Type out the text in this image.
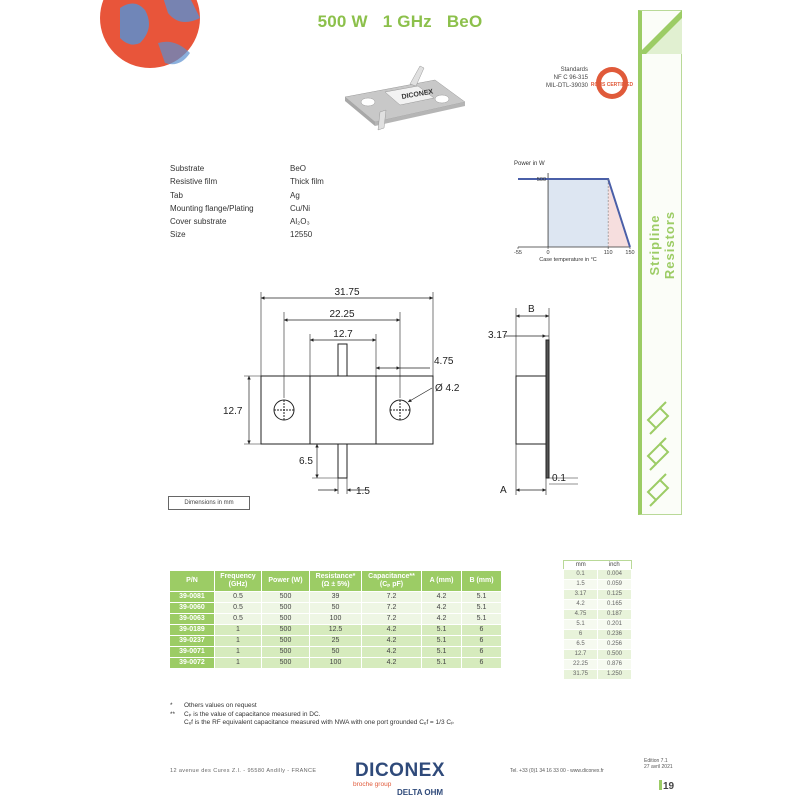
500 W 1 GHz BeO
Stripline Resistors
DICONEX
Standards
NF C 96-315
MIL-DTL-39030 ROHS CERTIFIED
Substrate	BeO
Resistive film	Thick film
Tab	Ag
Mounting flange/Plating	Cu/Ni
Cover substrate	Al₂O₃
Size	12550
Power in W
-55	0	110 150
500
Case temperature in °C
31.75
22.25
12.7
4.75
Ø 4.2
12.7
6.5
1.5
B
3.17
A
0.1
Dimensions in mm
P/N	Frequency (GHz)	Power (W)	Resistance* (Ω ± 5%)	Capacitance** (Cₚ pF)	A (mm)	B (mm)
39-0081	0.5	500	39	7.2	4.2	5.1
39-0060	0.5	500	50	7.2	4.2	5.1
39-0063	0.5	500	100	7.2	4.2	5.1
39-0189	1	500	12.5	4.2	5.1	6
39-0237	1	500	25	4.2	5.1	6
39-0071	1	500	50	4.2	5.1	6
39-0072	1	500	100	4.2	5.1	6
mm	inch
0.1	0.004
1.5	0.059
3.17	0.125
4.2	0.165
4.75	0.187
5.1	0.201
6	0.236
6.5	0.256
12.7	0.500
22.25	0.876
31.75	1.250
*	Others values on request
**	Cₚ is the value of capacitance measured in DC.
Cₑf is the RF equivalent capacitance measured with NWA with one port grounded Cₑf = 1/3 Cₚ
12 avenue des Cures Z.I. - 95580 Andilly - FRANCE DICONEX
broche group
DELTA OHM
Tel. +33 (0)1 34 16 33 00 - www.diconex.fr
Edition 7.1
27 avril 2021
19
